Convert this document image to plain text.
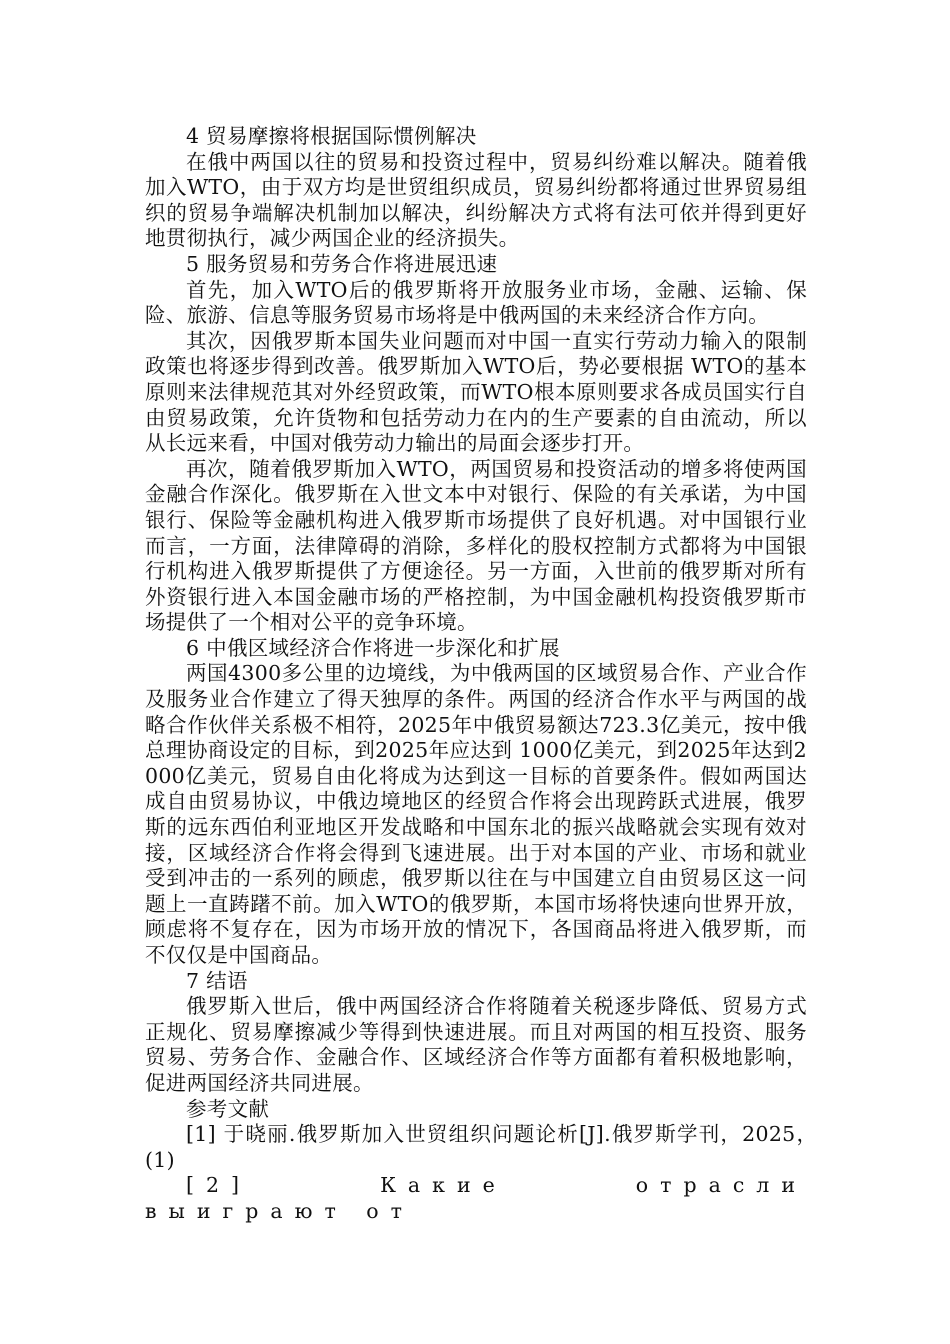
4 贸易摩擦将根据国际惯例解决

在俄中两国以往的贸易和投资过程中，贸易纠纷难以解决。随着俄加入WTO，由于双方均是世贸组织成员，贸易纠纷都将通过世界贸易组织的贸易争端解决机制加以解决，纠纷解决方式将有法可依并得到更好地贯彻执行，减少两国企业的经济损失。

5 服务贸易和劳务合作将进展迅速

首先，加入WTO后的俄罗斯将开放服务业市场，金融、运输、保险、旅游、信息等服务贸易市场将是中俄两国的未来经济合作方向。

其次，因俄罗斯本国失业问题而对中国一直实行劳动力输入的限制政策也将逐步得到改善。俄罗斯加入WTO后，势必要根据 WTO的基本原则来法律规范其对外经贸政策，而WTO根本原则要求各成员国实行自由贸易政策，允许货物和包括劳动力在内的生产要素的自由流动，所以从长远来看，中国对俄劳动力输出的局面会逐步打开。

再次，随着俄罗斯加入WTO，两国贸易和投资活动的增多将使两国金融合作深化。俄罗斯在入世文本中对银行、保险的有关承诺，为中国银行、保险等金融机构进入俄罗斯市场提供了良好机遇。对中国银行业而言，一方面，法律障碍的消除，多样化的股权控制方式都将为中国银行机构进入俄罗斯提供了方便途径。另一方面，入世前的俄罗斯对所有外资银行进入本国金融市场的严格控制，为中国金融机构投资俄罗斯市场提供了一个相对公平的竞争环境。

6 中俄区域经济合作将进一步深化和扩展

两国4300多公里的边境线，为中俄两国的区域贸易合作、产业合作及服务业合作建立了得天独厚的条件。两国的经济合作水平与两国的战略合作伙伴关系极不相符，2025年中俄贸易额达723.3亿美元，按中俄总理协商设定的目标，到2025年应达到 1000亿美元，到2025年达到2000亿美元，贸易自由化将成为达到这一目标的首要条件。假如两国达成自由贸易协议，中俄边境地区的经贸合作将会出现跨跃式进展，俄罗斯的远东西伯利亚地区开发战略和中国东北的振兴战略就会实现有效对接，区域经济合作将会得到飞速进展。出于对本国的产业、市场和就业受到冲击的一系列的顾虑，俄罗斯以往在与中国建立自由贸易区这一问题上一直踌躇不前。加入WTO的俄罗斯，本国市场将快速向世界开放，顾虑将不复存在，因为市场开放的情况下，各国商品将进入俄罗斯，而不仅仅是中国商品。

7 结语

俄罗斯入世后，俄中两国经济合作将随着关税逐步降低、贸易方式正规化、贸易摩擦减少等得到快速进展。而且对两国的相互投资、服务贸易、劳务合作、金融合作、区域经济合作等方面都有着积极地影响，促进两国经济共同进展。

参考文献

[1] 于晓丽.俄罗斯加入世贸组织问题论析[J].俄罗斯学刊，2025，　(1)

[2] Какие отрасли выиграют от
